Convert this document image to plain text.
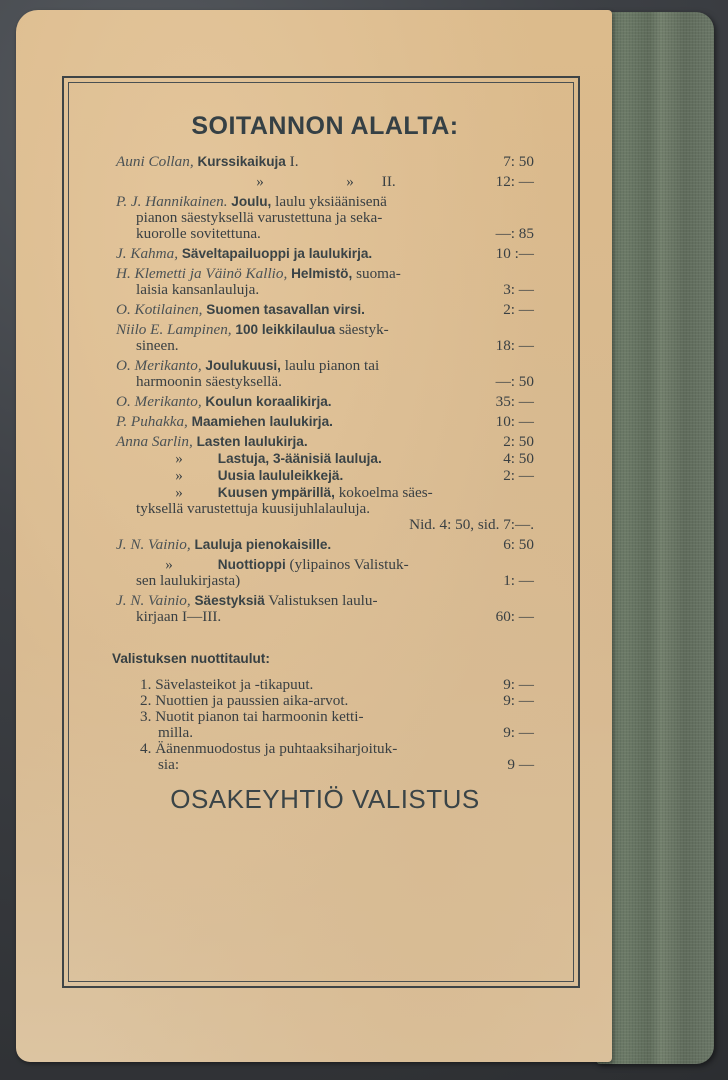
SOITANNON ALALTA:
Auni Collan, Kurssikaikuja I.	7: 50
»	» II.	12: —
P. J. Hannikainen. Joulu, laulu yksiäänisenä
pianon säestyksellä varustettuna ja seka-
kuorolle sovitettuna.	—: 85
J. Kahma, Säveltapailuoppi ja laulukirja.	10 :—
H. Klemetti ja Väinö Kallio, Helmistö, suoma-
laisia kansanlauluja.	3: —
O. Kotilainen, Suomen tasavallan virsi.	2: —
Niilo E. Lampinen, 100 leikkilaulua säestyk-
sineen.	18: —
O. Merikanto, Joulukuusi, laulu pianon tai
harmoonin säestyksellä.	—: 50
O. Merikanto, Koulun koraalikirja.	35: —
P. Puhakka, Maamiehen laulukirja.	10: —
Anna Sarlin, Lasten laulukirja.	2: 50
»	Lastuja, 3-äänisiä lauluja.	4: 50
»	Uusia laululeikkejä.	2: —
»	Kuusen ympärillä, kokoelma säes-
tyksellä varustettuja kuusijuhlalauluja.
Nid. 4: 50, sid. 7:—.
J. N. Vainio, Lauluja pienokaisille.	6: 50
»	Nuottioppi (ylipainos Valistuk-
sen laulukirjasta)	1: —
J. N. Vainio, Säestyksiä Valistuksen laulu-
kirjaan I—III.	60: —
Valistuksen nuottitaulut:
1. Sävelasteikot ja -tikapuut.	9: —
2. Nuottien ja paussien aika-arvot.	9: —
3. Nuotit pianon tai harmoonin ketti-
milla.	9: —
4. Äänenmuodostus ja puhtaaksiharjoituk-
sia:	9 —
OSAKEYHTIÖ VALISTUS
